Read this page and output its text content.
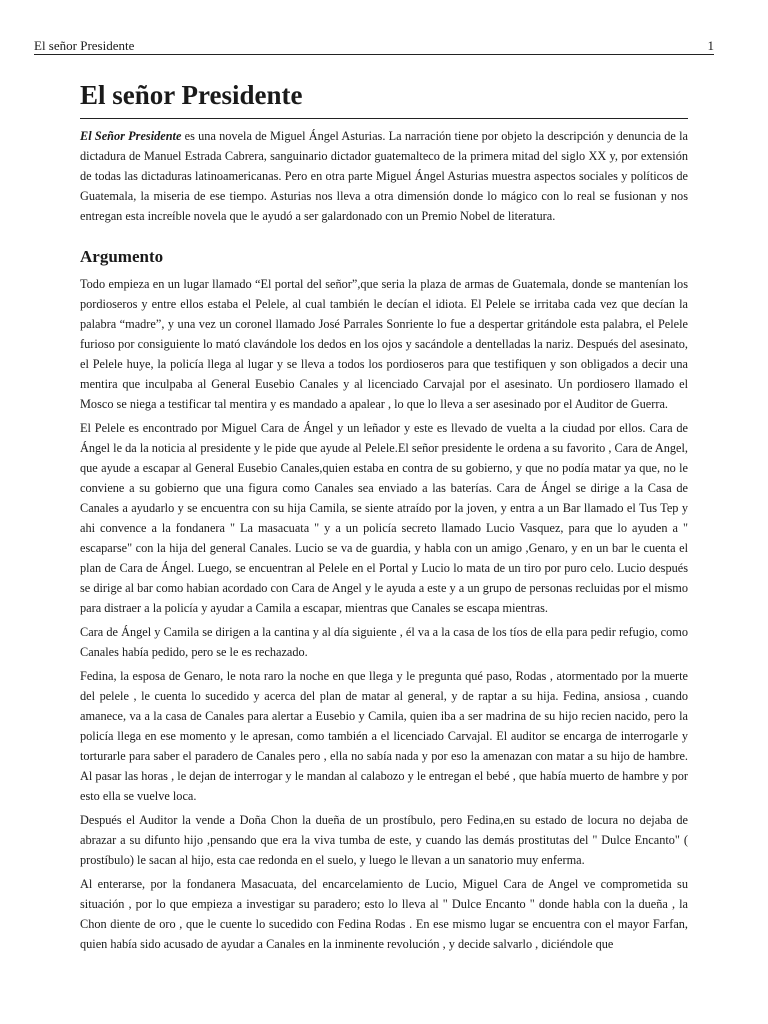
El señor Presidente	1
El señor Presidente

El Señor Presidente es una novela de Miguel Ángel Asturias. La narración tiene por objeto la descripción y denuncia de la dictadura de Manuel Estrada Cabrera, sanguinario dictador guatemalteco de la primera mitad del siglo XX y, por extensión de todas las dictaduras latinoamericanas. Pero en otra parte Miguel Ángel Asturias muestra aspectos sociales y políticos de Guatemala, la miseria de ese tiempo. Asturias nos lleva a otra dimensión donde lo mágico con lo real se fusionan y nos entregan esta increíble novela que le ayudó a ser galardonado con un Premio Nobel de literatura.

Argumento

Todo empieza en un lugar llamado “El portal del señor”,que seria la plaza de armas de Guatemala, donde se mantenían los pordioseros y entre ellos estaba el Pelele, al cual también le decían el idiota. El Pelele se irritaba cada vez que decían la palabra “madre”, y una vez un coronel llamado José Parrales Sonriente lo fue a despertar gritándole esta palabra, el Pelele furioso por consiguiente lo mató clavándole los dedos en los ojos y sacándole a dentelladas la nariz. Después del asesinato, el Pelele huye, la policía llega al lugar y se lleva a todos los pordioseros para que testifiquen y son obligados a decir una mentira que inculpaba al General Eusebio Canales y al licenciado Carvajal por el asesinato. Un pordiosero llamado el Mosco se niega a testificar tal mentira y es mandado a apalear , lo que lo lleva a ser asesinado por el Auditor de Guerra.

El Pelele es encontrado por Miguel Cara de Ángel y un leñador y este es llevado de vuelta a la ciudad por ellos. Cara de Ángel le da la noticia al presidente y le pide que ayude al Pelele.El señor presidente le ordena a su favorito , Cara de Angel, que ayude a escapar al General Eusebio Canales,quien estaba en contra de su gobierno, y que no podía matar ya que, no le conviene a su gobierno que una figura como Canales sea enviado a las baterías. Cara de Ángel se dirige a la Casa de Canales a ayudarlo y se encuentra con su hija Camila, se siente atraído por la joven, y entra a un Bar llamado el Tus Tep y ahi convence a la fondanera " La masacuata " y a un policía secreto llamado Lucio Vasquez, para que lo ayuden a " escaparse" con la hija del general Canales. Lucio se va de guardia, y habla con un amigo ,Genaro, y en un bar le cuenta el plan de Cara de Ángel. Luego, se encuentran al Pelele en el Portal y Lucio lo mata de un tiro por puro celo. Lucio después se dirige al bar como habian acordado con Cara de Angel y le ayuda a este y a un grupo de personas recluidas por el mismo para distraer a la policía y ayudar a Camila a escapar, mientras que Canales se escapa mientras.

Cara de Ángel y Camila se dirigen a la cantina y al día siguiente , él va a la casa de los tíos de ella para pedir refugio, como Canales había pedido, pero se le es rechazado.

Fedina, la esposa de Genaro, le nota raro la noche en que llega y le pregunta qué paso, Rodas , atormentado por la muerte del pelele , le cuenta lo sucedido y acerca del plan de matar al general, y de raptar a su hija. Fedina, ansiosa , cuando amanece, va a la casa de Canales para alertar a Eusebio y Camila, quien iba a ser madrina de su hijo recien nacido, pero la policía llega en ese momento y le apresan, como también a el licenciado Carvajal. El auditor se encarga de interrogarle y torturarle para saber el paradero de Canales pero , ella no sabía nada y por eso la amenazan con matar a su hijo de hambre. Al pasar las horas , le dejan de interrogar y le mandan al calabozo y le entregan el bebé , que había muerto de hambre y por esto ella se vuelve loca.

Después el Auditor la vende a Doña Chon la dueña de un prostíbulo, pero Fedina,en su estado de locura no dejaba de abrazar a su difunto hijo ,pensando que era la viva tumba de este, y cuando las demás prostitutas del " Dulce Encanto" ( prostíbulo) le sacan al hijo, esta cae redonda en el suelo, y luego le llevan a un sanatorio muy enferma.

Al enterarse, por la fondanera Masacuata, del encarcelamiento de Lucio, Miguel Cara de Angel ve comprometida su situación , por lo que empieza a investigar su paradero; esto lo lleva al " Dulce Encanto " donde habla con la dueña , la Chon diente de oro , que le cuente lo sucedido con Fedina Rodas . En ese mismo lugar se encuentra con el mayor Farfan, quien había sido acusado de ayudar a Canales en la inminente revolución , y decide salvarlo , diciéndole que
